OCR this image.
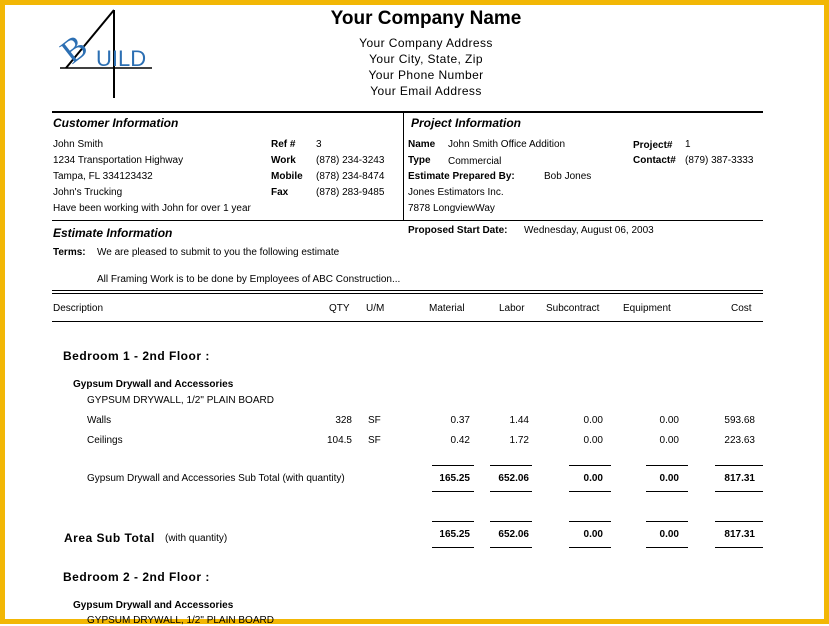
B UILD
Your Company Name
Your Company Address
Your City, State, Zip
Your Phone Number
Your Email Address
Customer Information
John Smith
1234 Transportation Highway
Tampa, FL 334123432
John's Trucking
Have been working with John for over 1 year
Ref # 3
Work (878) 234-3243
Mobile (878) 234-8474
Fax	(878) 283-9485
Project Information
Name John Smith Office Addition
Type Commercial
Estimate Prepared By:	Bob Jones
Jones Estimators Inc.
7878 LongviewWay
Project# 1
Contact# (879) 387-3333
Estimate Information	Proposed Start Date: Wednesday, August 06, 2003
Terms: We are pleased to submit to you the following estimate
All Framing Work is to be done by Employees of ABC Construction...
Description	QTY U/M	Material	Labor Subcontract Equipment	Cost
Bedroom 1 - 2nd Floor :
Gypsum Drywall and Accessories
GYPSUM DRYWALL, 1/2" PLAIN BOARD
Walls	328 SF	0.37	1.44	0.00	0.00	593.68
Ceilings	104.5 SF	0.42	1.72	0.00	0.00	223.63
Gypsum Drywall and Accessories Sub Total (with quantity)	165.25	652.06	0.00	0.00	817.31
Area Sub Total (with quantity)	165.25	652.06	0.00	0.00	817.31
Bedroom 2 - 2nd Floor :
Gypsum Drywall and Accessories
GYPSUM DRYWALL, 1/2" PLAIN BOARD
